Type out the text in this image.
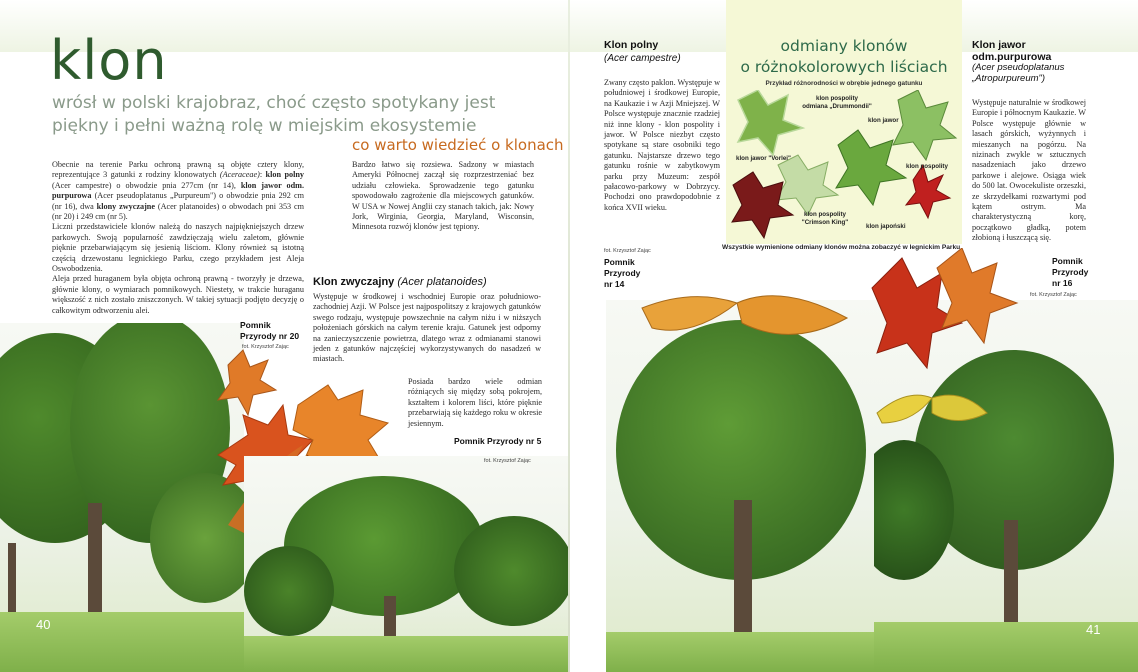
klon
wrósł w polski krajobraz, choć często spotykany jest piękny i pełni ważną rolę w miejskim ekosystemie
co warto wiedzieć o klonach
Obecnie na terenie Parku ochroną prawną są objęte cztery klony, reprezentujące 3 gatunki z rodziny klonowatych (Aceraceae): klon polny (Acer campestre) o obwodzie pnia 277cm (nr 14), klon jawor odm. purpurowa (Acer pseudoplatanus „Purpureum") o obwodzie pnia 292 cm (nr 16), dwa klony zwyczajne (Acer platanoides) o obwodach pni 353 cm (nr 20) i 249 cm (nr 5).
Liczni przedstawiciele klonów należą do naszych najpiękniejszych drzew parkowych. Swoją popularność zawdzięczają wielu zaletom, głównie pięknie przebarwiającym się jesienią liściom. Klony również są istotną częścią drzewostanu legnickiego Parku, czego przykładem jest Aleja Oswobodzenia.
Aleja przed huraganem była objęta ochroną prawną - tworzyły je drzewa, głównie klony, o wymiarach pomnikowych. Niestety, w trakcie huraganu większość z nich zostało zniszczonych. W takiej sytuacji podjęto decyzję o całkowitym odtworzeniu alei.
Bardzo łatwo się rozsiewa. Sadzony w miastach Ameryki Północnej zaczął się rozprzestrzeniać bez udziału człowieka. Sprowadzenie tego gatunku spowodowało zagrożenie dla miejscowych gatunków. W USA w Nowej Anglii czy stanach takich, jak: Nowy Jork, Wirginia, Georgia, Maryland, Wisconsin, Minnesota rozwój klonów jest tępiony.
40
Pomnik
Przyrody nr 20
fot. Krzysztof Zając
Klon zwyczajny (Acer platanoides)
Występuje w środkowej i wschodniej Europie oraz południowo-zachodniej Azji. W Polsce jest najpospolitszy z krajowych gatunków swego rodzaju, występuje powszechnie na całym niżu i w niższych położeniach górskich na całym terenie kraju. Gatunek jest odporny na zanieczyszczenie powietrza, dlatego wraz z odmianami stanowi jeden z gatunków najczęściej wykorzystywanych do nasadzeń w miastach.
Posiada bardzo wiele odmian różniących się między sobą pokrojem, kształtem i kolorem liści, które pięknie przebarwiają się każdego roku w okresie jesiennym.
Pomnik Przyrody nr 5
fot. Krzysztof Zając
Klon polny
(Acer campestre)
Zwany często paklon. Występuje w południowej i środkowej Europie, na Kaukazie i w Azji Mniejszej. W Polsce występuje znacznie rzadziej niż inne klony - klon pospolity i jawor. W Polsce niezbyt często spotykane są stare osobniki tego gatunku. Najstarsze drzewo tego gatunku rośnie w zabytkowym parku przy Muzeum: zespół pałacowo-parkowy w Dobrzycy. Pochodzi ono prawdopodobnie z końca XVII wieku.
odmiany klonów
o różnokolorowych liściach
Przykład różnorodności w obrębie jednego gatunku
klon pospolity
odmiana „Drummondii"
klon jawor
klon jawor "Vorlei"
klon pospolity
klon pospolity
"Crimson King"
klon japoński
Wszystkie wymienione odmiany klonów można zobaczyć w legnickim Parku
Klon jawor
odm.purpurowa
(Acer pseudoplatanus
„Atropurpureum")
Występuje naturalnie w środkowej Europie i północnym Kaukazie. W Polsce występuje głównie w lasach górskich, wyżynnych i mieszanych na pogórzu. Na nizinach zwykle w sztucznych nasadzeniach jako drzewo parkowe i alejowe. Osiąga wiek do 500 lat. Owocekuliste orzeszki, ze skrzydełkami rozwartymi pod kątem ostrym. Ma charakterystyczną korę, początkowo gładką, potem złobioną i łuszczącą się.
41
fot. Krzysztof Zając
Pomnik
Przyrody
nr 14
Pomnik
Przyrody
nr 16
fot. Krzysztof Zając
